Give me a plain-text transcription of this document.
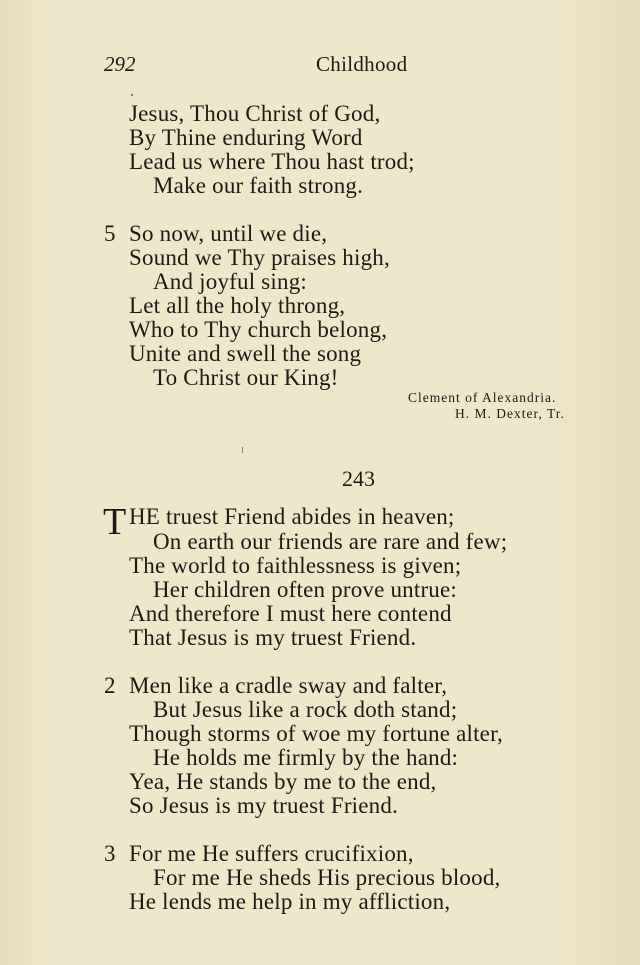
292	Childhood
Jesus, Thou Christ of God,
By Thine enduring Word
Lead us where Thou hast trod;
Make our faith strong.
5 So now, until we die,
Sound we Thy praises high,
And joyful sing:
Let all the holy throng,
Who to Thy church belong,
Unite and swell the song
To Christ our King!
Clement of Alexandria.
H. M. Dexter, Tr.
243
T HE truest Friend abides in heaven;
On earth our friends are rare and few;
The world to faithlessness is given;
Her children often prove untrue:
And therefore I must here contend
That Jesus is my truest Friend.
2 Men like a cradle sway and falter,
But Jesus like a rock doth stand;
Though storms of woe my fortune alter,
He holds me firmly by the hand:
Yea, He stands by me to the end,
So Jesus is my truest Friend.
3 For me He suffers crucifixion,
For me He sheds His precious blood,
He lends me help in my affliction,
